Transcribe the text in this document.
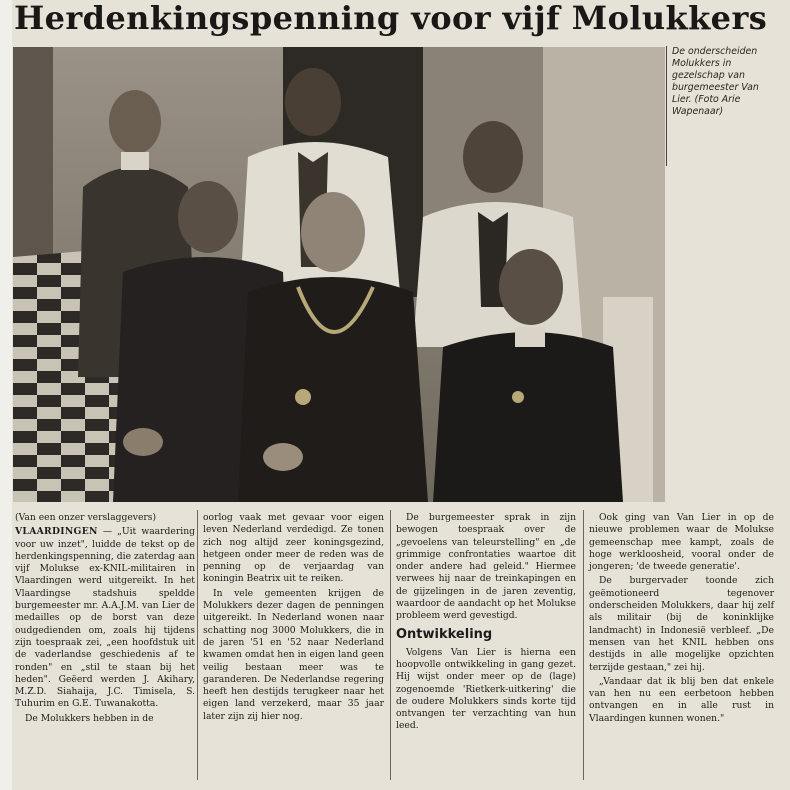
Herdenkingspenning voor vijf Molukkers
De onderscheiden Molukkers in gezelschap van burgemeester Van Lier. (Foto Arie Wapenaar)

(Van een onzer verslaggevers)

VLAARDINGEN — „Uit waardering voor uw inzet", luidde de tekst op de herdenkingspenning, die zaterdag aan vijf Molukse ex-KNIL-militairen in Vlaardingen werd uitgereikt. In het Vlaardingse stadshuis speldde burgemeester mr. A.A.J.M. van Lier de medailles op de borst van deze oudgedienden om, zoals hij tijdens zijn toespraak zei, „een hoofdstuk uit de vaderlandse geschiedenis af te ronden" en „stil te staan bij het heden". Geëerd werden J. Akihary, M.Z.D. Siahaija, J.C. Timisela, S. Tuhurim en G.E. Tuwanakotta.

De Molukkers hebben in de

oorlog vaak met gevaar voor eigen leven Nederland verdedigd. Ze tonen zich nog altijd zeer koningsgezind, hetgeen onder meer de reden was de penning op de verjaardag van koningin Beatrix uit te reiken.

In vele gemeenten krijgen de Molukkers dezer dagen de penningen uitgereikt. In Nederland wonen naar schatting nog 3000 Molukkers, die in de jaren '51 en '52 naar Nederland kwamen omdat hen in eigen land geen veilig bestaan meer was te garanderen. De Nederlandse regering heeft hen destijds terugkeer naar het eigen land verzekerd, maar 35 jaar later zijn zij hier nog.

De burgemeester sprak in zijn bewogen toespraak over de „gevoelens van teleurstelling" en „de grimmige confrontaties waartoe dit onder andere had geleid." Hiermee verwees hij naar de treinkapingen en de gijzelingen in de jaren zeventig, waardoor de aandacht op het Molukse probleem werd gevestigd.

Ontwikkeling

Volgens Van Lier is hierna een hoopvolle ontwikkeling in gang gezet. Hij wijst onder meer op de (lage) zogenoemde 'Rietkerk-uitkering' die de oudere Molukkers sinds korte tijd ontvangen ter verzachting van hun leed.

Ook ging van Van Lier in op de nieuwe problemen waar de Molukse gemeenschap mee kampt, zoals de hoge werkloosheid, vooral onder de jongeren; 'de tweede generatie'.

De burgervader toonde zich geëmotioneerd tegenover onderscheiden Molukkers, daar hij zelf als militair (bij de koninklijke landmacht) in Indonesië verbleef. „De mensen van het KNIL hebben ons destijds in alle mogelijke opzichten terzijde gestaan," zei hij.

„Vandaar dat ik blij ben dat enkele van hen nu een eerbetoon hebben ontvangen en in alle rust in Vlaardingen kunnen wonen."
